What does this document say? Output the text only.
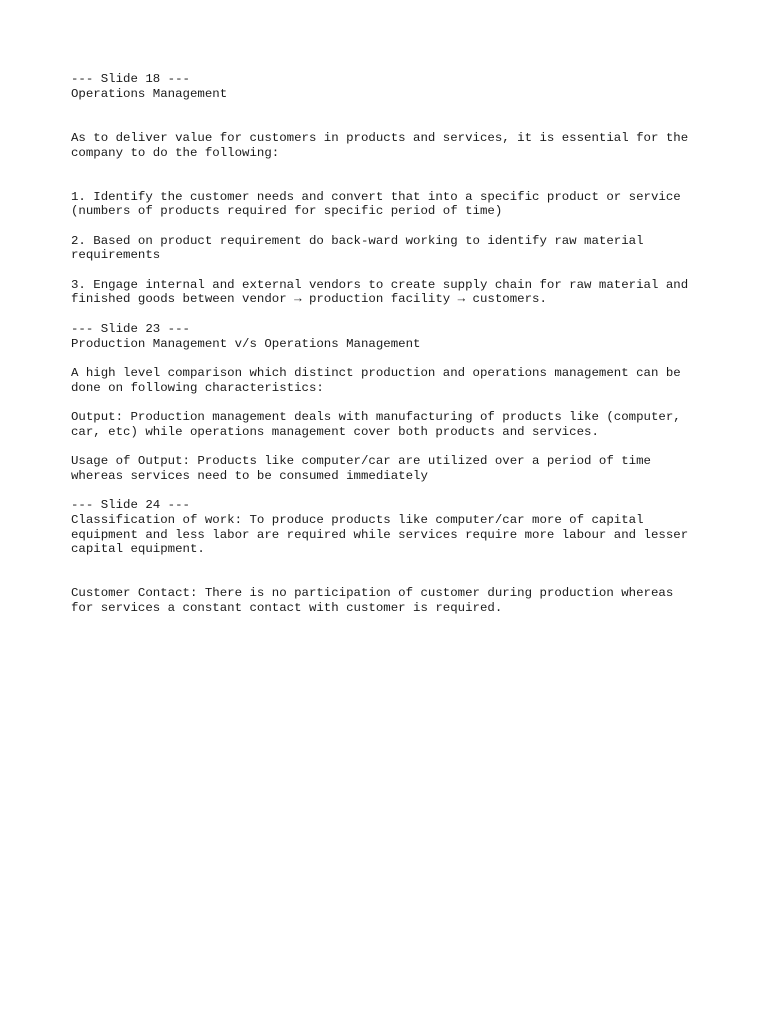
--- Slide 18 ---

Operations Management

As to deliver value for customers in products and services, it is essential for the

company to do the following:

1. Identify the customer needs and convert that into a specific product or service

(numbers of products required for specific period of time)

2. Based on product requirement do back-ward working to identify raw material

requirements

3. Engage internal and external vendors to create supply chain for raw material and

finished goods between vendor → production facility → customers.

--- Slide 23 ---

Production Management v/s Operations Management

A high level comparison which distinct production and operations management can be

done on following characteristics:

Output: Production management deals with manufacturing of products like (computer,

car, etc) while operations management cover both products and services.

Usage of Output: Products like computer/car are utilized over a period of time

whereas services need to be consumed immediately

--- Slide 24 ---

Classification of work: To produce products like computer/car more of capital

equipment and less labor are required while services require more labour and lesser

capital equipment.

Customer Contact: There is no participation of customer during production whereas

for services a constant contact with customer is required.
